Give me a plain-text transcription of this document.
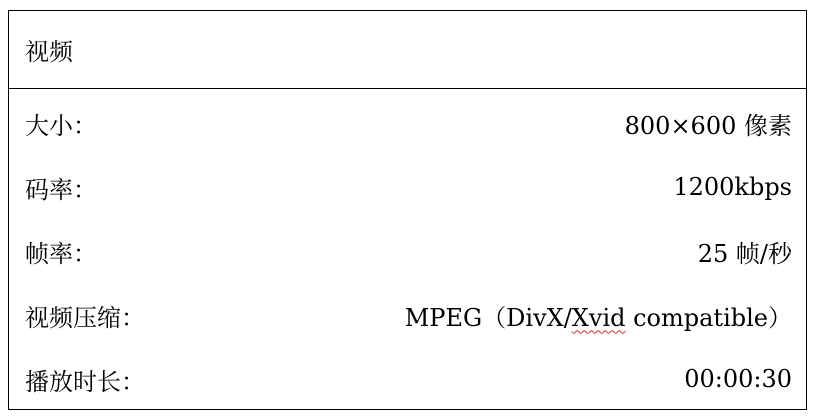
视频
大小：	800×600 像素
码率：	1200kbps
帧率：	25 帧/秒
视频压缩：	MPEG（DivX/Xvid compatible）
播放时长：	00:00:30
